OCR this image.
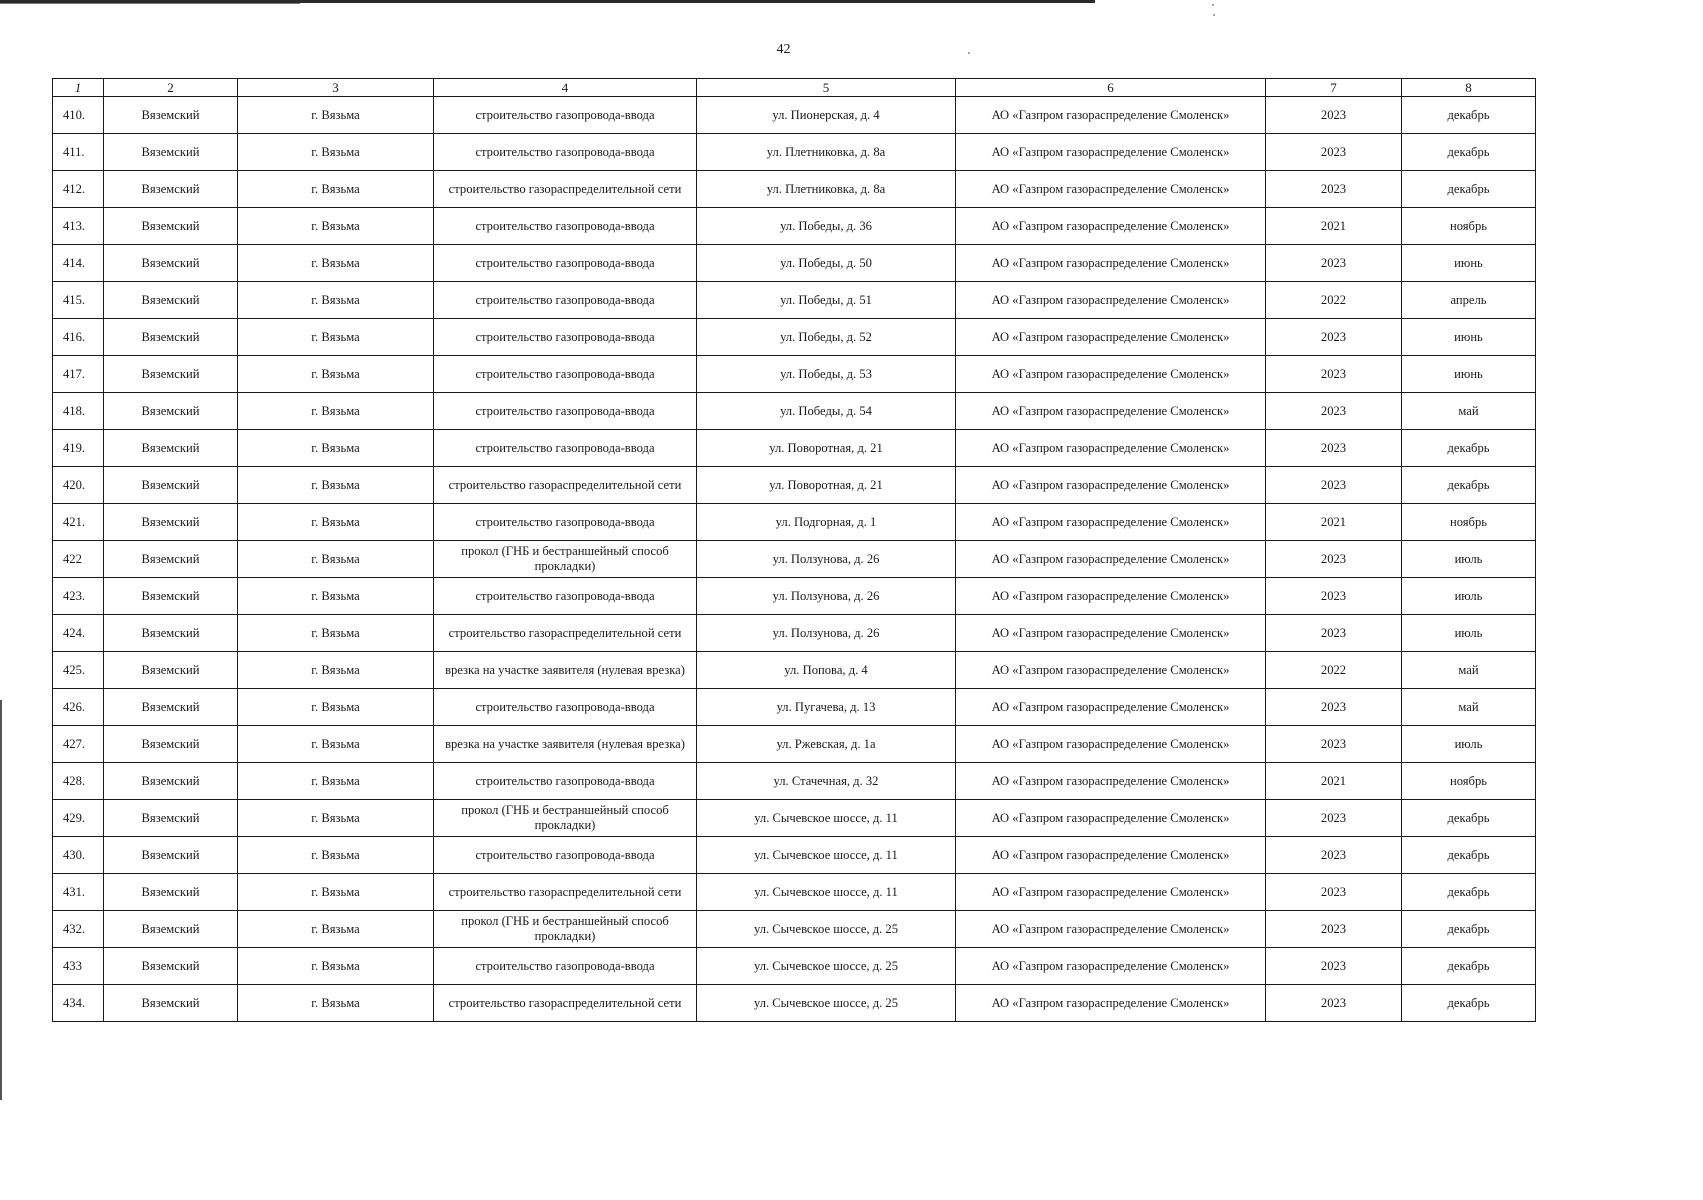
42
1	2	3	4	5	6	7	8
410.	Вяземский	г. Вязьма	строительство газопровода-ввода	ул. Пионерская, д. 4	АО «Газпром газораспределение Смоленск»	2023	декабрь
411.	Вяземский	г. Вязьма	строительство газопровода-ввода	ул. Плетниковка, д. 8а	АО «Газпром газораспределение Смоленск»	2023	декабрь
412.	Вяземский	г. Вязьма	строительство газораспределительной сети	ул. Плетниковка, д. 8а	АО «Газпром газораспределение Смоленск»	2023	декабрь
413.	Вяземский	г. Вязьма	строительство газопровода-ввода	ул. Победы, д. 36	АО «Газпром газораспределение Смоленск»	2021	ноябрь
414.	Вяземский	г. Вязьма	строительство газопровода-ввода	ул. Победы, д. 50	АО «Газпром газораспределение Смоленск»	2023	июнь
415.	Вяземский	г. Вязьма	строительство газопровода-ввода	ул. Победы, д. 51	АО «Газпром газораспределение Смоленск»	2022	апрель
416.	Вяземский	г. Вязьма	строительство газопровода-ввода	ул. Победы, д. 52	АО «Газпром газораспределение Смоленск»	2023	июнь
417.	Вяземский	г. Вязьма	строительство газопровода-ввода	ул. Победы, д. 53	АО «Газпром газораспределение Смоленск»	2023	июнь
418.	Вяземский	г. Вязьма	строительство газопровода-ввода	ул. Победы, д. 54	АО «Газпром газораспределение Смоленск»	2023	май
419.	Вяземский	г. Вязьма	строительство газопровода-ввода	ул. Поворотная, д. 21	АО «Газпром газораспределение Смоленск»	2023	декабрь
420.	Вяземский	г. Вязьма	строительство газораспределительной сети	ул. Поворотная, д. 21	АО «Газпром газораспределение Смоленск»	2023	декабрь
421.	Вяземский	г. Вязьма	строительство газопровода-ввода	ул. Подгорная, д. 1	АО «Газпром газораспределение Смоленск»	2021	ноябрь
422	Вяземский	г. Вязьма	прокол (ГНБ и бестраншейный способ прокладки)	ул. Ползунова, д. 26	АО «Газпром газораспределение Смоленск»	2023	июль
423.	Вяземский	г. Вязьма	строительство газопровода-ввода	ул. Ползунова, д. 26	АО «Газпром газораспределение Смоленск»	2023	июль
424.	Вяземский	г. Вязьма	строительство газораспределительной сети	ул. Ползунова, д. 26	АО «Газпром газораспределение Смоленск»	2023	июль
425.	Вяземский	г. Вязьма	врезка на участке заявителя (нулевая врезка)	ул. Попова, д. 4	АО «Газпром газораспределение Смоленск»	2022	май
426.	Вяземский	г. Вязьма	строительство газопровода-ввода	ул. Пугачева, д. 13	АО «Газпром газораспределение Смоленск»	2023	май
427.	Вяземский	г. Вязьма	врезка на участке заявителя (нулевая врезка)	ул. Ржевская, д. 1а	АО «Газпром газораспределение Смоленск»	2023	июль
428.	Вяземский	г. Вязьма	строительство газопровода-ввода	ул. Стачечная, д. 32	АО «Газпром газораспределение Смоленск»	2021	ноябрь
429.	Вяземский	г. Вязьма	прокол (ГНБ и бестраншейный способ прокладки)	ул. Сычевское шоссе, д. 11	АО «Газпром газораспределение Смоленск»	2023	декабрь
430.	Вяземский	г. Вязьма	строительство газопровода-ввода	ул. Сычевское шоссе, д. 11	АО «Газпром газораспределение Смоленск»	2023	декабрь
431.	Вяземский	г. Вязьма	строительство газораспределительной сети	ул. Сычевское шоссе, д. 11	АО «Газпром газораспределение Смоленск»	2023	декабрь
432.	Вяземский	г. Вязьма	прокол (ГНБ и бестраншейный способ прокладки)	ул. Сычевское шоссе, д. 25	АО «Газпром газораспределение Смоленск»	2023	декабрь
433	Вяземский	г. Вязьма	строительство газопровода-ввода	ул. Сычевское шоссе, д. 25	АО «Газпром газораспределение Смоленск»	2023	декабрь
434.	Вяземский	г. Вязьма	строительство газораспределительной сети	ул. Сычевское шоссе, д. 25	АО «Газпром газораспределение Смоленск»	2023	декабрь
